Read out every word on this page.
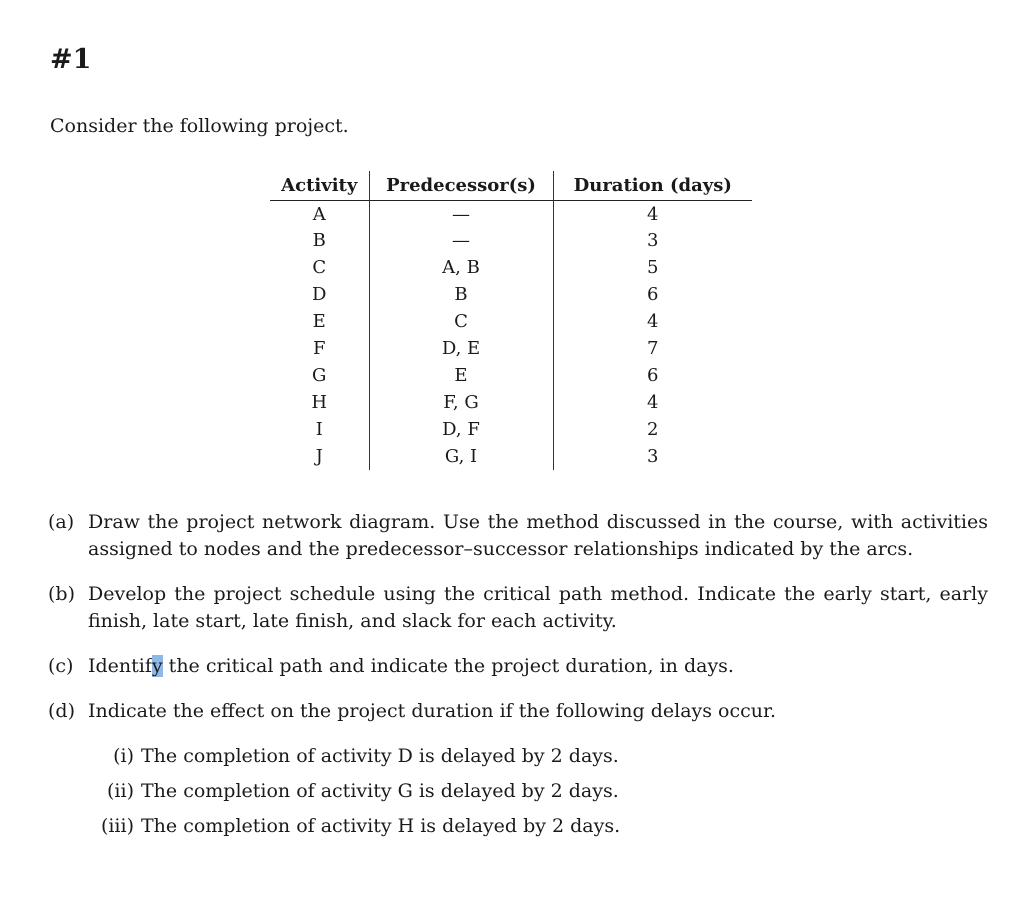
#1
Consider the following project.
Activity	Predecessor(s)	Duration (days)
A	—	4
B	—	3
C	A, B	5
D	B	6
E	C	4
F	D, E	7
G	E	6
H	F, G	4
I	D, F	2
J	G, I	3
(a) Draw the project network diagram. Use the method discussed in the course, with activities assigned to nodes and the predecessor–successor relationships indicated by the arcs.
(b) Develop the project schedule using the critical path method. Indicate the early start, early finish, late start, late finish, and slack for each activity.
(c) Identify the critical path and indicate the project duration, in days.
(d) Indicate the effect on the project duration if the following delays occur.
(i) The completion of activity D is delayed by 2 days.
(ii) The completion of activity G is delayed by 2 days.
(iii) The completion of activity H is delayed by 2 days.
